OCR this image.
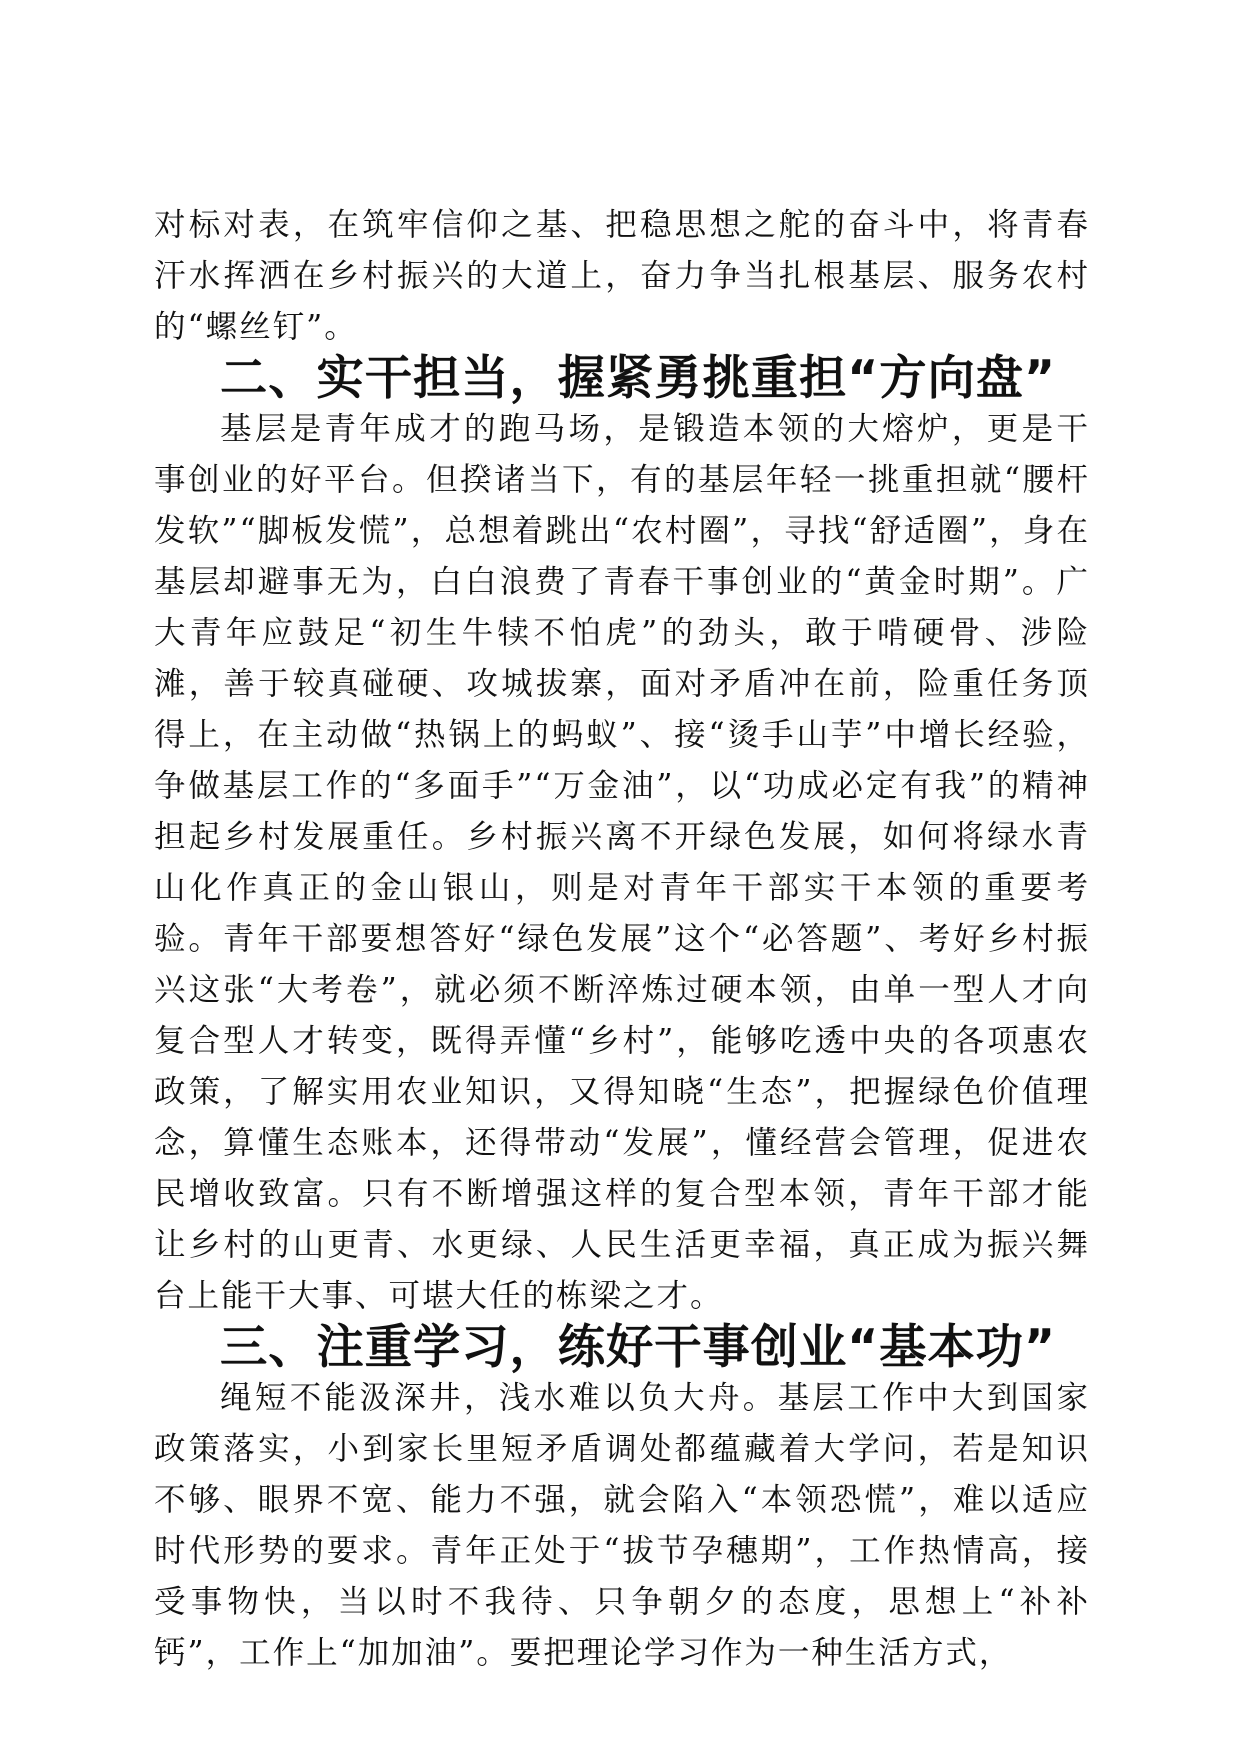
对标对表，在筑牢信仰之基、把稳思想之舵的奋斗中，将青春汗水挥洒在乡村振兴的大道上，奋力争当扎根基层、服务农村的“螺丝钉”。

二、实干担当，握紧勇挑重担“方向盘”

基层是青年成才的跑马场，是锻造本领的大熔炉，更是干事创业的好平台。但揆诸当下，有的基层年轻一挑重担就“腰杆发软”“脚板发慌”，总想着跳出“农村圈”，寻找“舒适圈”，身在基层却避事无为，白白浪费了青春干事创业的“黄金时期”。广大青年应鼓足“初生牛犊不怕虎”的劲头，敢于啃硬骨、涉险滩，善于较真碰硬、攻城拔寨，面对矛盾冲在前，险重任务顶得上，在主动做“热锅上的蚂蚁”、接“烫手山芋”中增长经验，争做基层工作的“多面手”“万金油”，以“功成必定有我”的精神担起乡村发展重任。乡村振兴离不开绿色发展，如何将绿水青山化作真正的金山银山，则是对青年干部实干本领的重要考验。青年干部要想答好“绿色发展”这个“必答题”、考好乡村振兴这张“大考卷”，就必须不断淬炼过硬本领，由单一型人才向复合型人才转变，既得弄懂“乡村”，能够吃透中央的各项惠农政策，了解实用农业知识，又得知晓“生态”，把握绿色价值理念，算懂生态账本，还得带动“发展”，懂经营会管理，促进农民增收致富。只有不断增强这样的复合型本领，青年干部才能让乡村的山更青、水更绿、人民生活更幸福，真正成为振兴舞台上能干大事、可堪大任的栋梁之才。

三、注重学习，练好干事创业“基本功”

绳短不能汲深井，浅水难以负大舟。基层工作中大到国家政策落实，小到家长里短矛盾调处都蕴藏着大学问，若是知识不够、眼界不宽、能力不强，就会陷入“本领恐慌”，难以适应时代形势的要求。青年正处于“拔节孕穗期”，工作热情高，接受事物快，当以时不我待、只争朝夕的态度，思想上“补补钙”，工作上“加加油”。要把理论学习作为一种生活方式，
